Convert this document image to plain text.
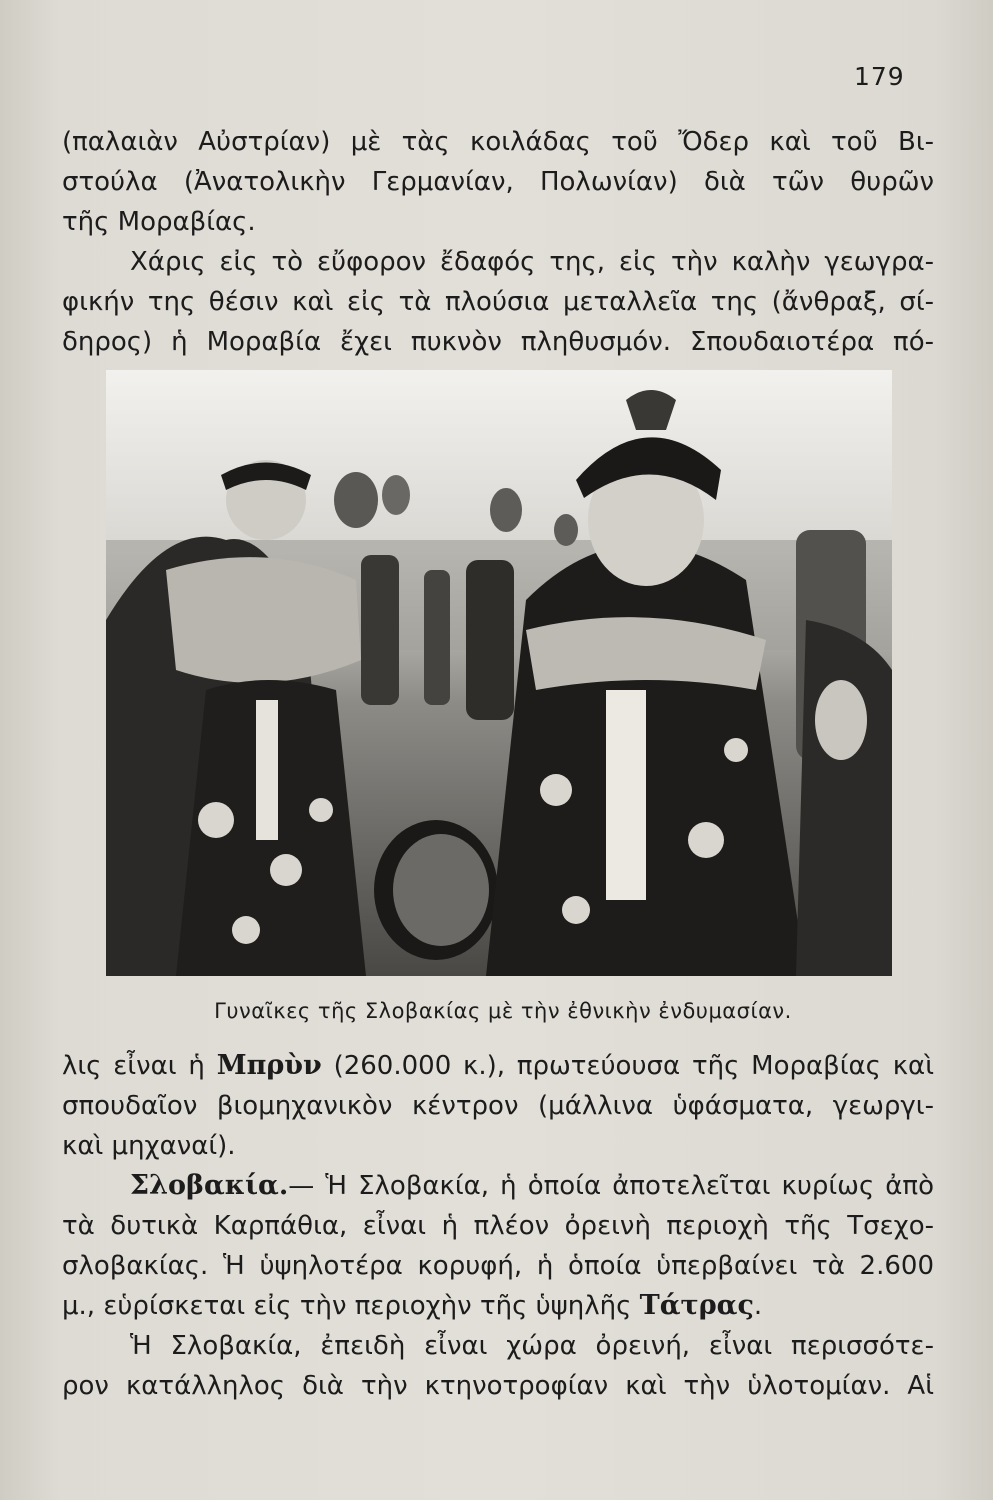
179
(παλαιὰν Αὐστρίαν) μὲ τὰς κοιλάδας τοῦ Ὄδερ καὶ τοῦ Βι-
στούλα (Ἀνατολικὴν Γερμανίαν, Πολωνίαν) διὰ τῶν θυρῶν
τῆς Μοραβίας.
Χάρις εἰς τὸ εὔφορον ἔδαφός της, εἰς τὴν καλὴν γεωγρα-
φικήν της θέσιν καὶ εἰς τὰ πλούσια μεταλλεῖα της (ἄνθραξ, σί-
δηρος) ἡ Μοραβία ἔχει πυκνὸν πληθυσμόν. Σπουδαιοτέρα πό-
Γυναῖκες τῆς Σλοβακίας μὲ τὴν ἐθνικὴν ἐνδυμασίαν.
λις εἶναι ἡ Μπρὺν (260.000 κ.), πρωτεύουσα τῆς Μοραβίας καὶ
σπουδαῖον βιομηχανικὸν κέντρον (μάλλινα ὑφάσματα, γεωργι-
καὶ μηχαναί).
Σλοβακία.— Ἡ Σλοβακία, ἡ ὁποία ἀποτελεῖται κυρίως ἀπὸ
τὰ δυτικὰ Καρπάθια, εἶναι ἡ πλέον ὀρεινὴ περιοχὴ τῆς Τσεχο-
σλοβακίας. Ἡ ὑψηλοτέρα κορυφή, ἡ ὁποία ὑπερβαίνει τὰ 2.600
μ., εὑρίσκεται εἰς τὴν περιοχὴν τῆς ὑψηλῆς Τάτρας.
Ἡ Σλοβακία, ἐπειδὴ εἶναι χώρα ὀρεινή, εἶναι περισσότε-
ρον κατάλληλος διὰ τὴν κτηνοτροφίαν καὶ τὴν ὑλοτομίαν. Αἱ
